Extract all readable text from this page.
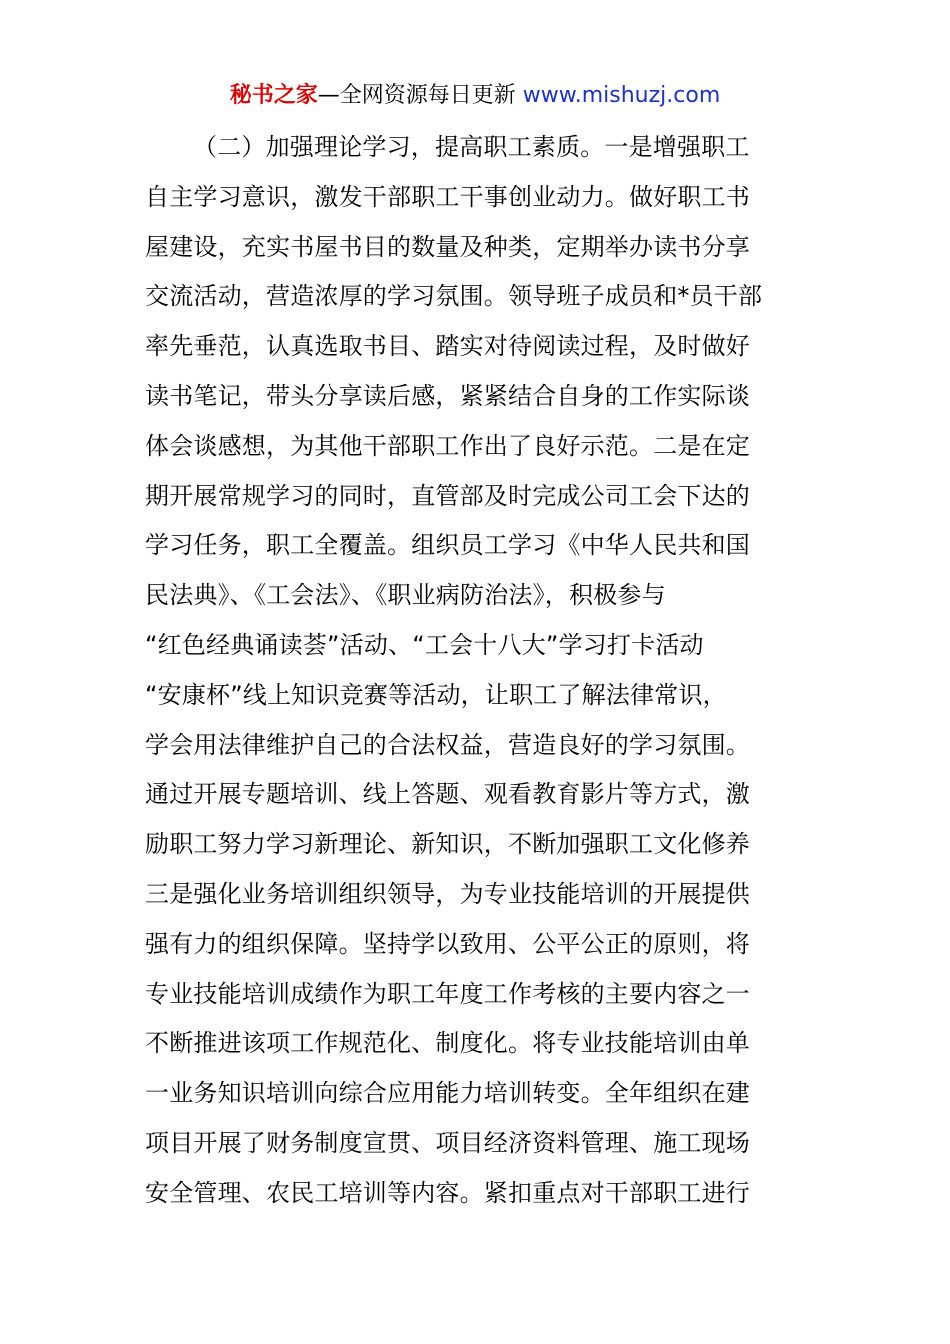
秘书之家—全网资源每日更新 www.mishuzj.com
（二）加强理论学习，提高职工素质。一是增强职工
自主学习意识，激发干部职工干事创业动力。做好职工书
屋建设，充实书屋书目的数量及种类，定期举办读书分享
交流活动，营造浓厚的学习氛围。领导班子成员和*员干部
率先垂范，认真选取书目、踏实对待阅读过程，及时做好
读书笔记，带头分享读后感，紧紧结合自身的工作实际谈
体会谈感想，为其他干部职工作出了良好示范。二是在定
期开展常规学习的同时，直管部及时完成公司工会下达的
学习任务，职工全覆盖。组织员工学习《中华人民共和国
民法典》、《工会法》、《职业病防治法》，积极参与
“红色经典诵读荟”活动、“工会十八大”学习打卡活动
“安康杯”线上知识竞赛等活动，让职工了解法律常识，
学会用法律维护自己的合法权益，营造良好的学习氛围。
通过开展专题培训、线上答题、观看教育影片等方式，激
励职工努力学习新理论、新知识，不断加强职工文化修养
三是强化业务培训组织领导，为专业技能培训的开展提供
强有力的组织保障。坚持学以致用、公平公正的原则，将
专业技能培训成绩作为职工年度工作考核的主要内容之一
不断推进该项工作规范化、制度化。将专业技能培训由单
一业务知识培训向综合应用能力培训转变。全年组织在建
项目开展了财务制度宣贯、项目经济资料管理、施工现场
安全管理、农民工培训等内容。紧扣重点对干部职工进行
